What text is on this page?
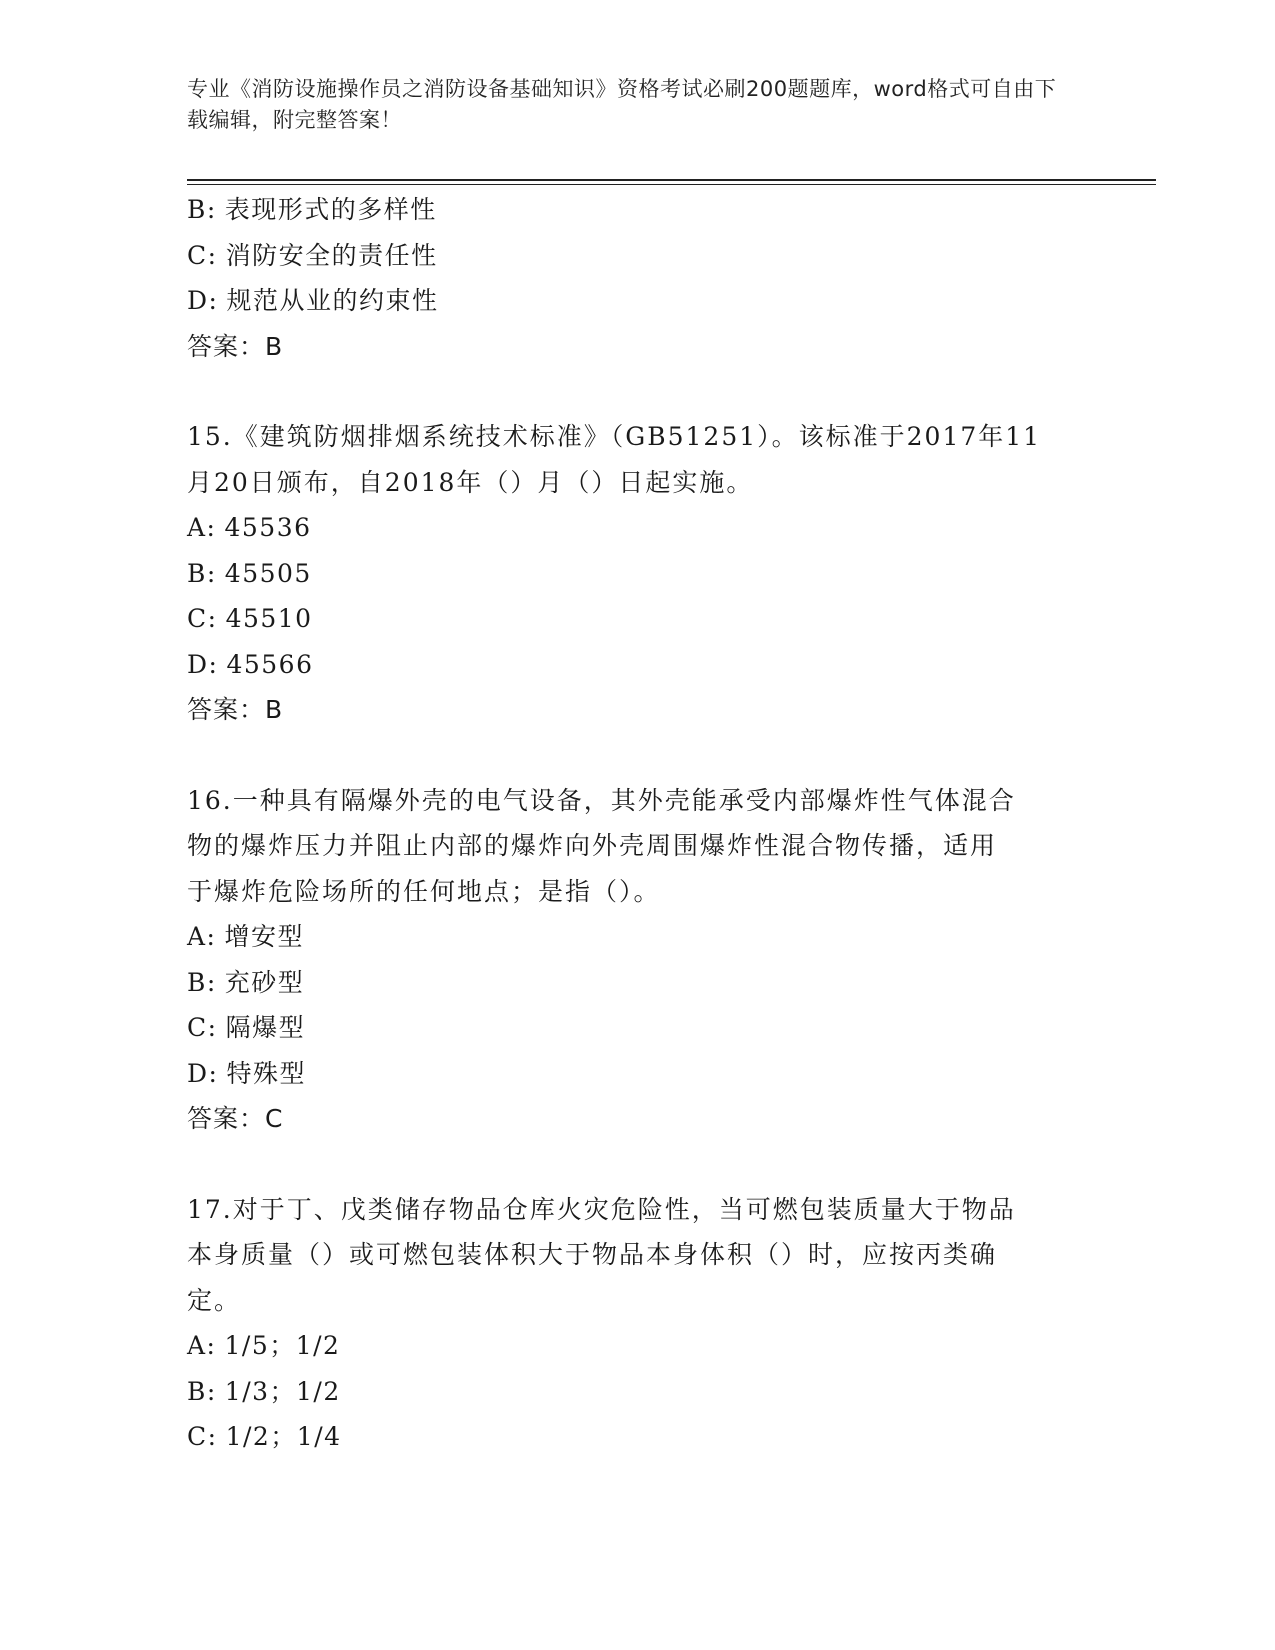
专业《消防设施操作员之消防设备基础知识》资格考试必刷200题题库，word格式可自由下载编辑，附完整答案！
B: 表现形式的多样性
C: 消防安全的责任性
D: 规范从业的约束性
答案：B
15.《建筑防烟排烟系统技术标准》（GB51251）。该标准于2017年11
月20日颁布，自2018年（）月（）日起实施。
A: 45536
B: 45505
C: 45510
D: 45566
答案：B
16.一种具有隔爆外壳的电气设备，其外壳能承受内部爆炸性气体混合
物的爆炸压力并阻止内部的爆炸向外壳周围爆炸性混合物传播，适用
于爆炸危险场所的任何地点；是指（）。
A: 增安型
B: 充砂型
C: 隔爆型
D: 特殊型
答案：C
17.对于丁、戊类储存物品仓库火灾危险性，当可燃包装质量大于物品
本身质量（）或可燃包装体积大于物品本身体积（）时，应按丙类确
定。
A: 1/5；1/2
B: 1/3；1/2
C: 1/2；1/4
